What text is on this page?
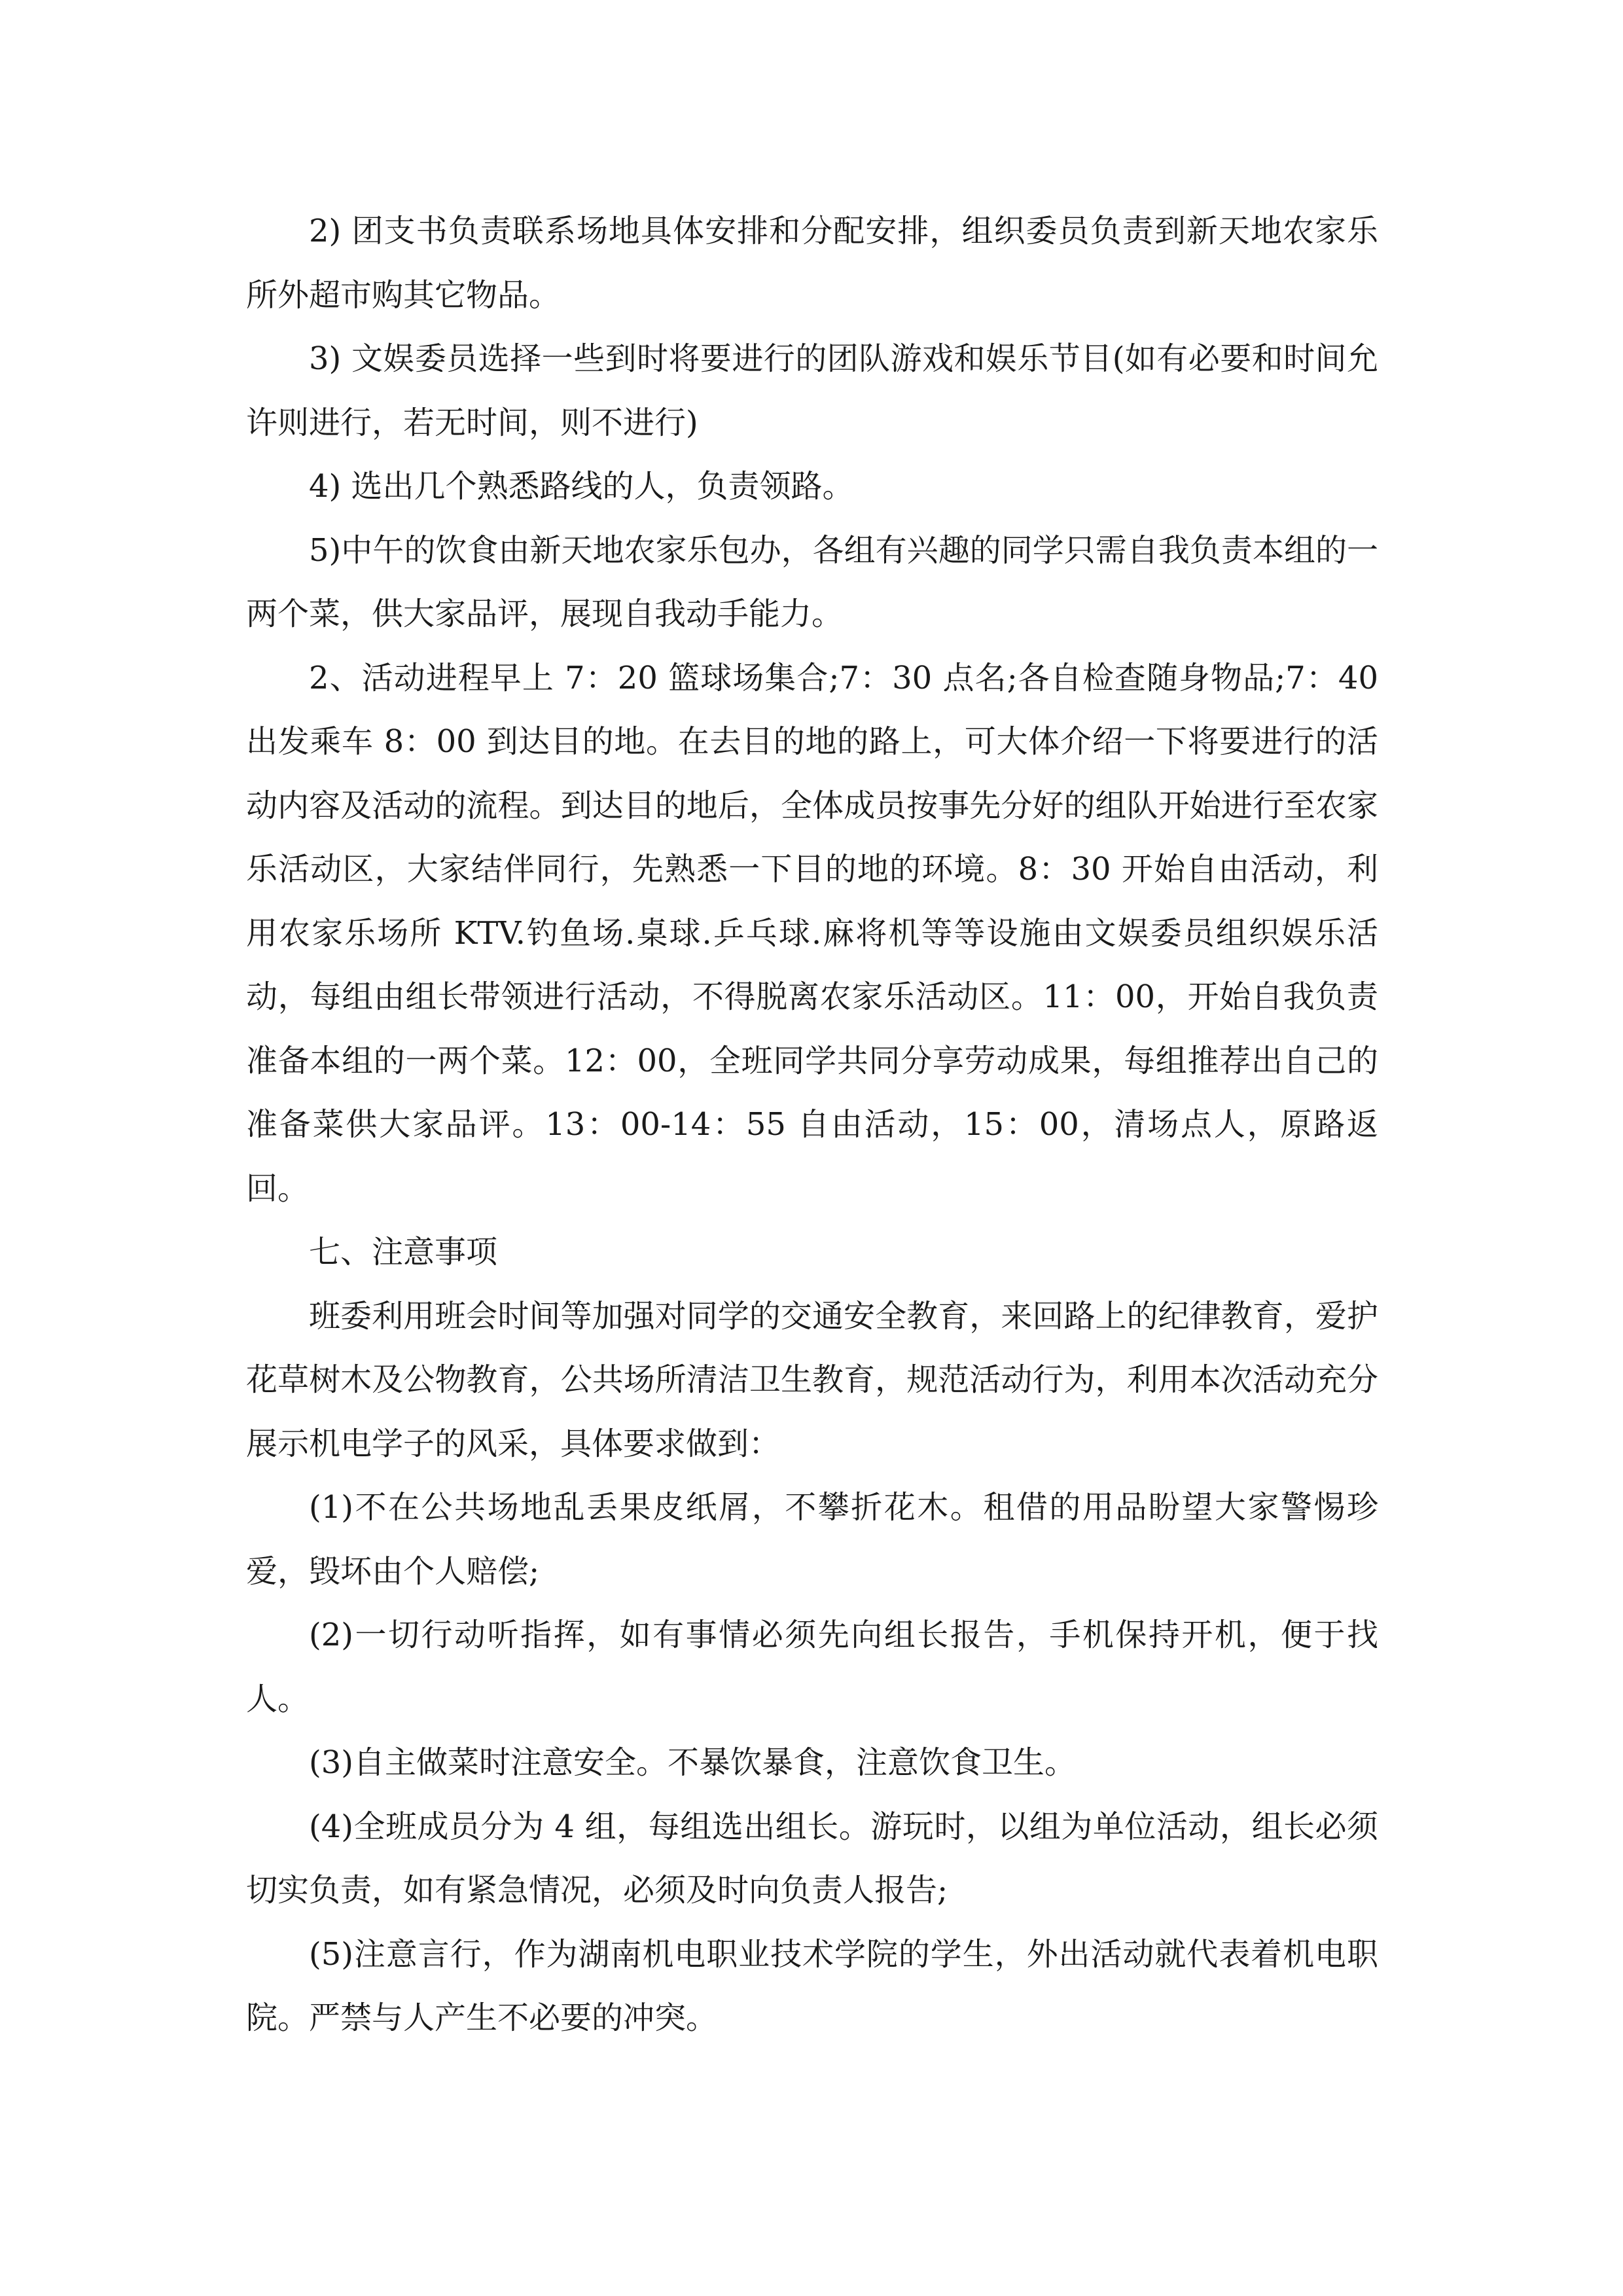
2) 团支书负责联系场地具体安排和分配安排，组织委员负责到新天地农家乐所外超市购其它物品。

3) 文娱委员选择一些到时将要进行的团队游戏和娱乐节目(如有必要和时间允许则进行，若无时间，则不进行)

4) 选出几个熟悉路线的人，负责领路。

5)中午的饮食由新天地农家乐包办，各组有兴趣的同学只需自我负责本组的一两个菜，供大家品评，展现自我动手能力。

2、活动进程早上 7：20 篮球场集合;7：30 点名;各自检查随身物品;7：40 出发乘车 8：00 到达目的地。在去目的地的路上，可大体介绍一下将要进行的活动内容及活动的流程。到达目的地后，全体成员按事先分好的组队开始进行至农家乐活动区，大家结伴同行，先熟悉一下目的地的环境。8：30 开始自由活动，利用农家乐场所 KTV.钓鱼场.桌球.乒乓球.麻将机等等设施由文娱委员组织娱乐活动，每组由组长带领进行活动，不得脱离农家乐活动区。11：00，开始自我负责准备本组的一两个菜。12：00，全班同学共同分享劳动成果，每组推荐出自己的准备菜供大家品评。13：00-14：55 自由活动，15：00，清场点人，原路返回。

七、注意事项

班委利用班会时间等加强对同学的交通安全教育，来回路上的纪律教育，爱护花草树木及公物教育，公共场所清洁卫生教育，规范活动行为，利用本次活动充分展示机电学子的风采，具体要求做到：

(1)不在公共场地乱丢果皮纸屑，不攀折花木。租借的用品盼望大家警惕珍爱，毁坏由个人赔偿;

(2)一切行动听指挥，如有事情必须先向组长报告，手机保持开机，便于找人。

(3)自主做菜时注意安全。不暴饮暴食，注意饮食卫生。

(4)全班成员分为 4 组，每组选出组长。游玩时，以组为单位活动，组长必须切实负责，如有紧急情况，必须及时向负责人报告;

(5)注意言行，作为湖南机电职业技术学院的学生，外出活动就代表着机电职院。严禁与人产生不必要的冲突。
